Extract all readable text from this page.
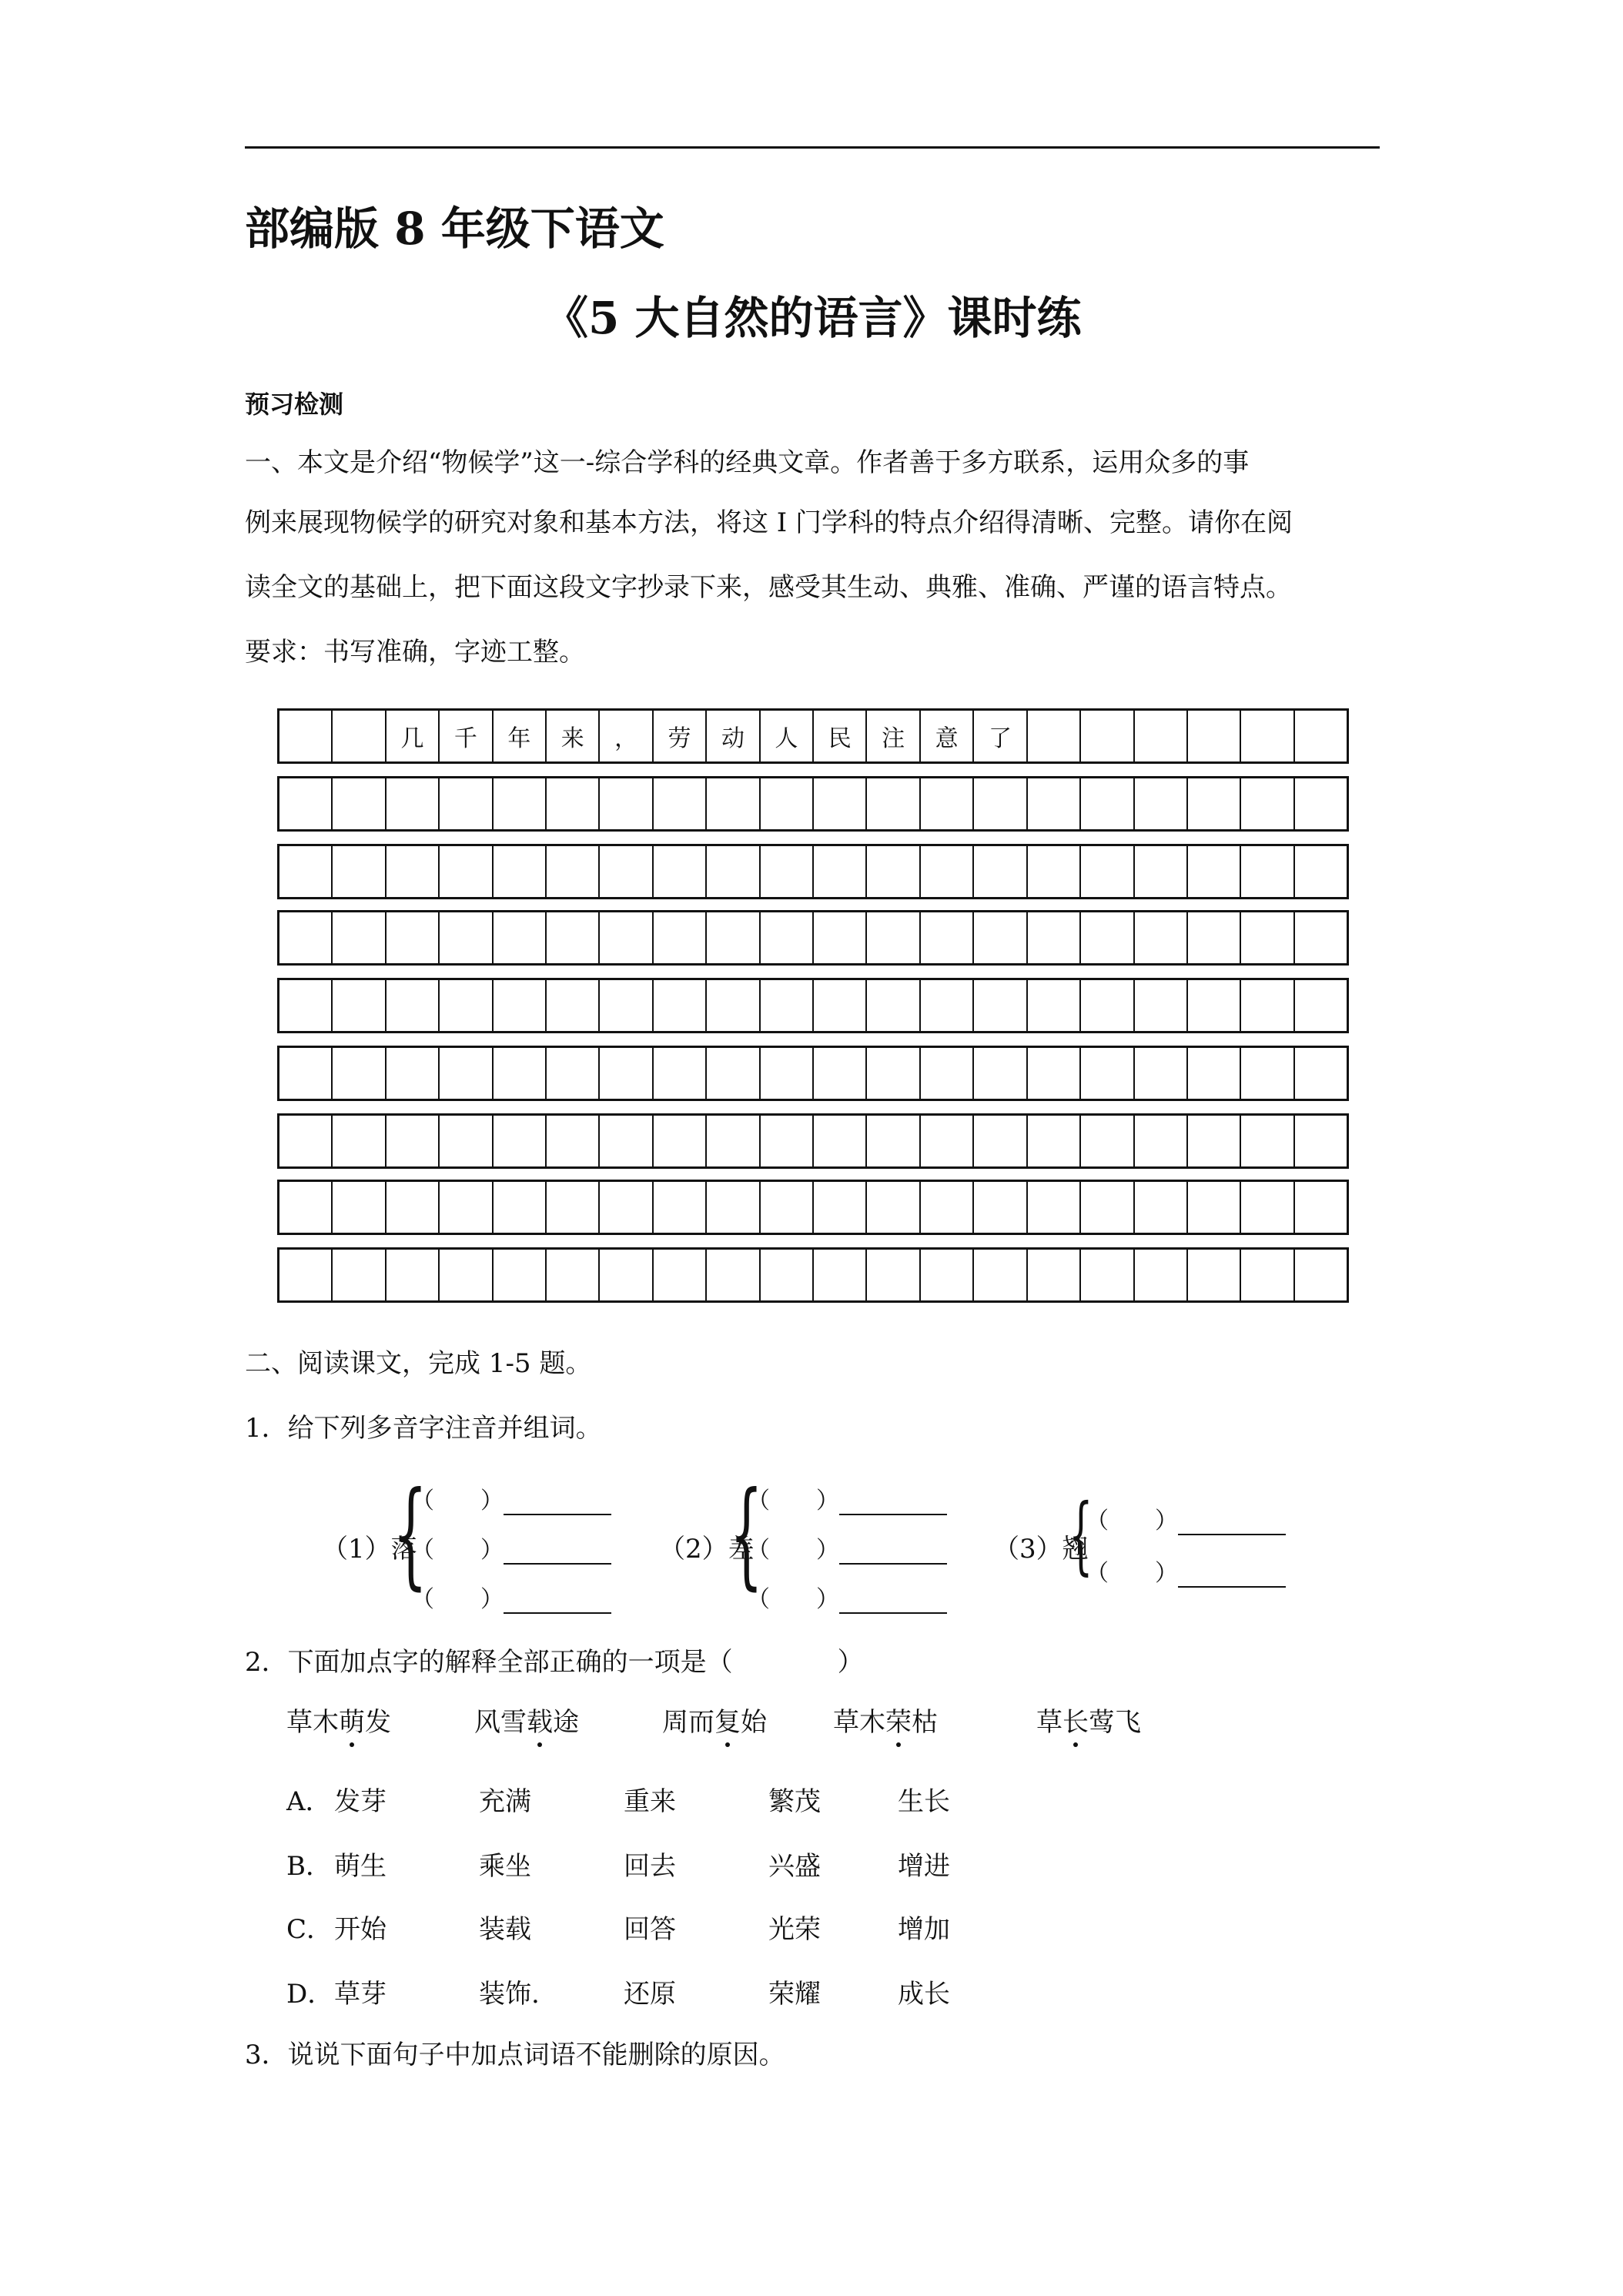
部编版 8 年级下语文
《5 大自然的语言》课时练
预习检测
一、本文是介绍“物候学”这一-综合学科的经典文章。作者善于多方联系，运用众多的事
例来展现物候学的研究对象和基本方法，将这 I 门学科的特点介绍得清晰、完整。请你在阅
读全文的基础上，把下面这段文字抄录下来，感受其生动、典雅、准确、严谨的语言特点。
要求：书写准确，字迹工整。
几	千	年	来	，	劳	动	人	民	注	意	了
二、阅读课文，完成 1-5 题。
1．给下列多音字注音并组词。
（1）落
{
（　　）
（　　）
（　　）
（2）差
{
（　　）
（　　）
（　　）
（3）翘
{
（　　）
（　　）
2．下面加点字的解释全部正确的一项是（　　　　）
草木萌发	风雪载途	周而复始	草木荣枯	草长莺飞
A． 发芽	充满	重来	繁茂	生长
B． 萌生	乘坐	回去	兴盛	增进
C． 开始	装载	回答	光荣	增加
D． 草芽	装饰.	还原	荣耀	成长
3．说说下面句子中加点词语不能删除的原因。
